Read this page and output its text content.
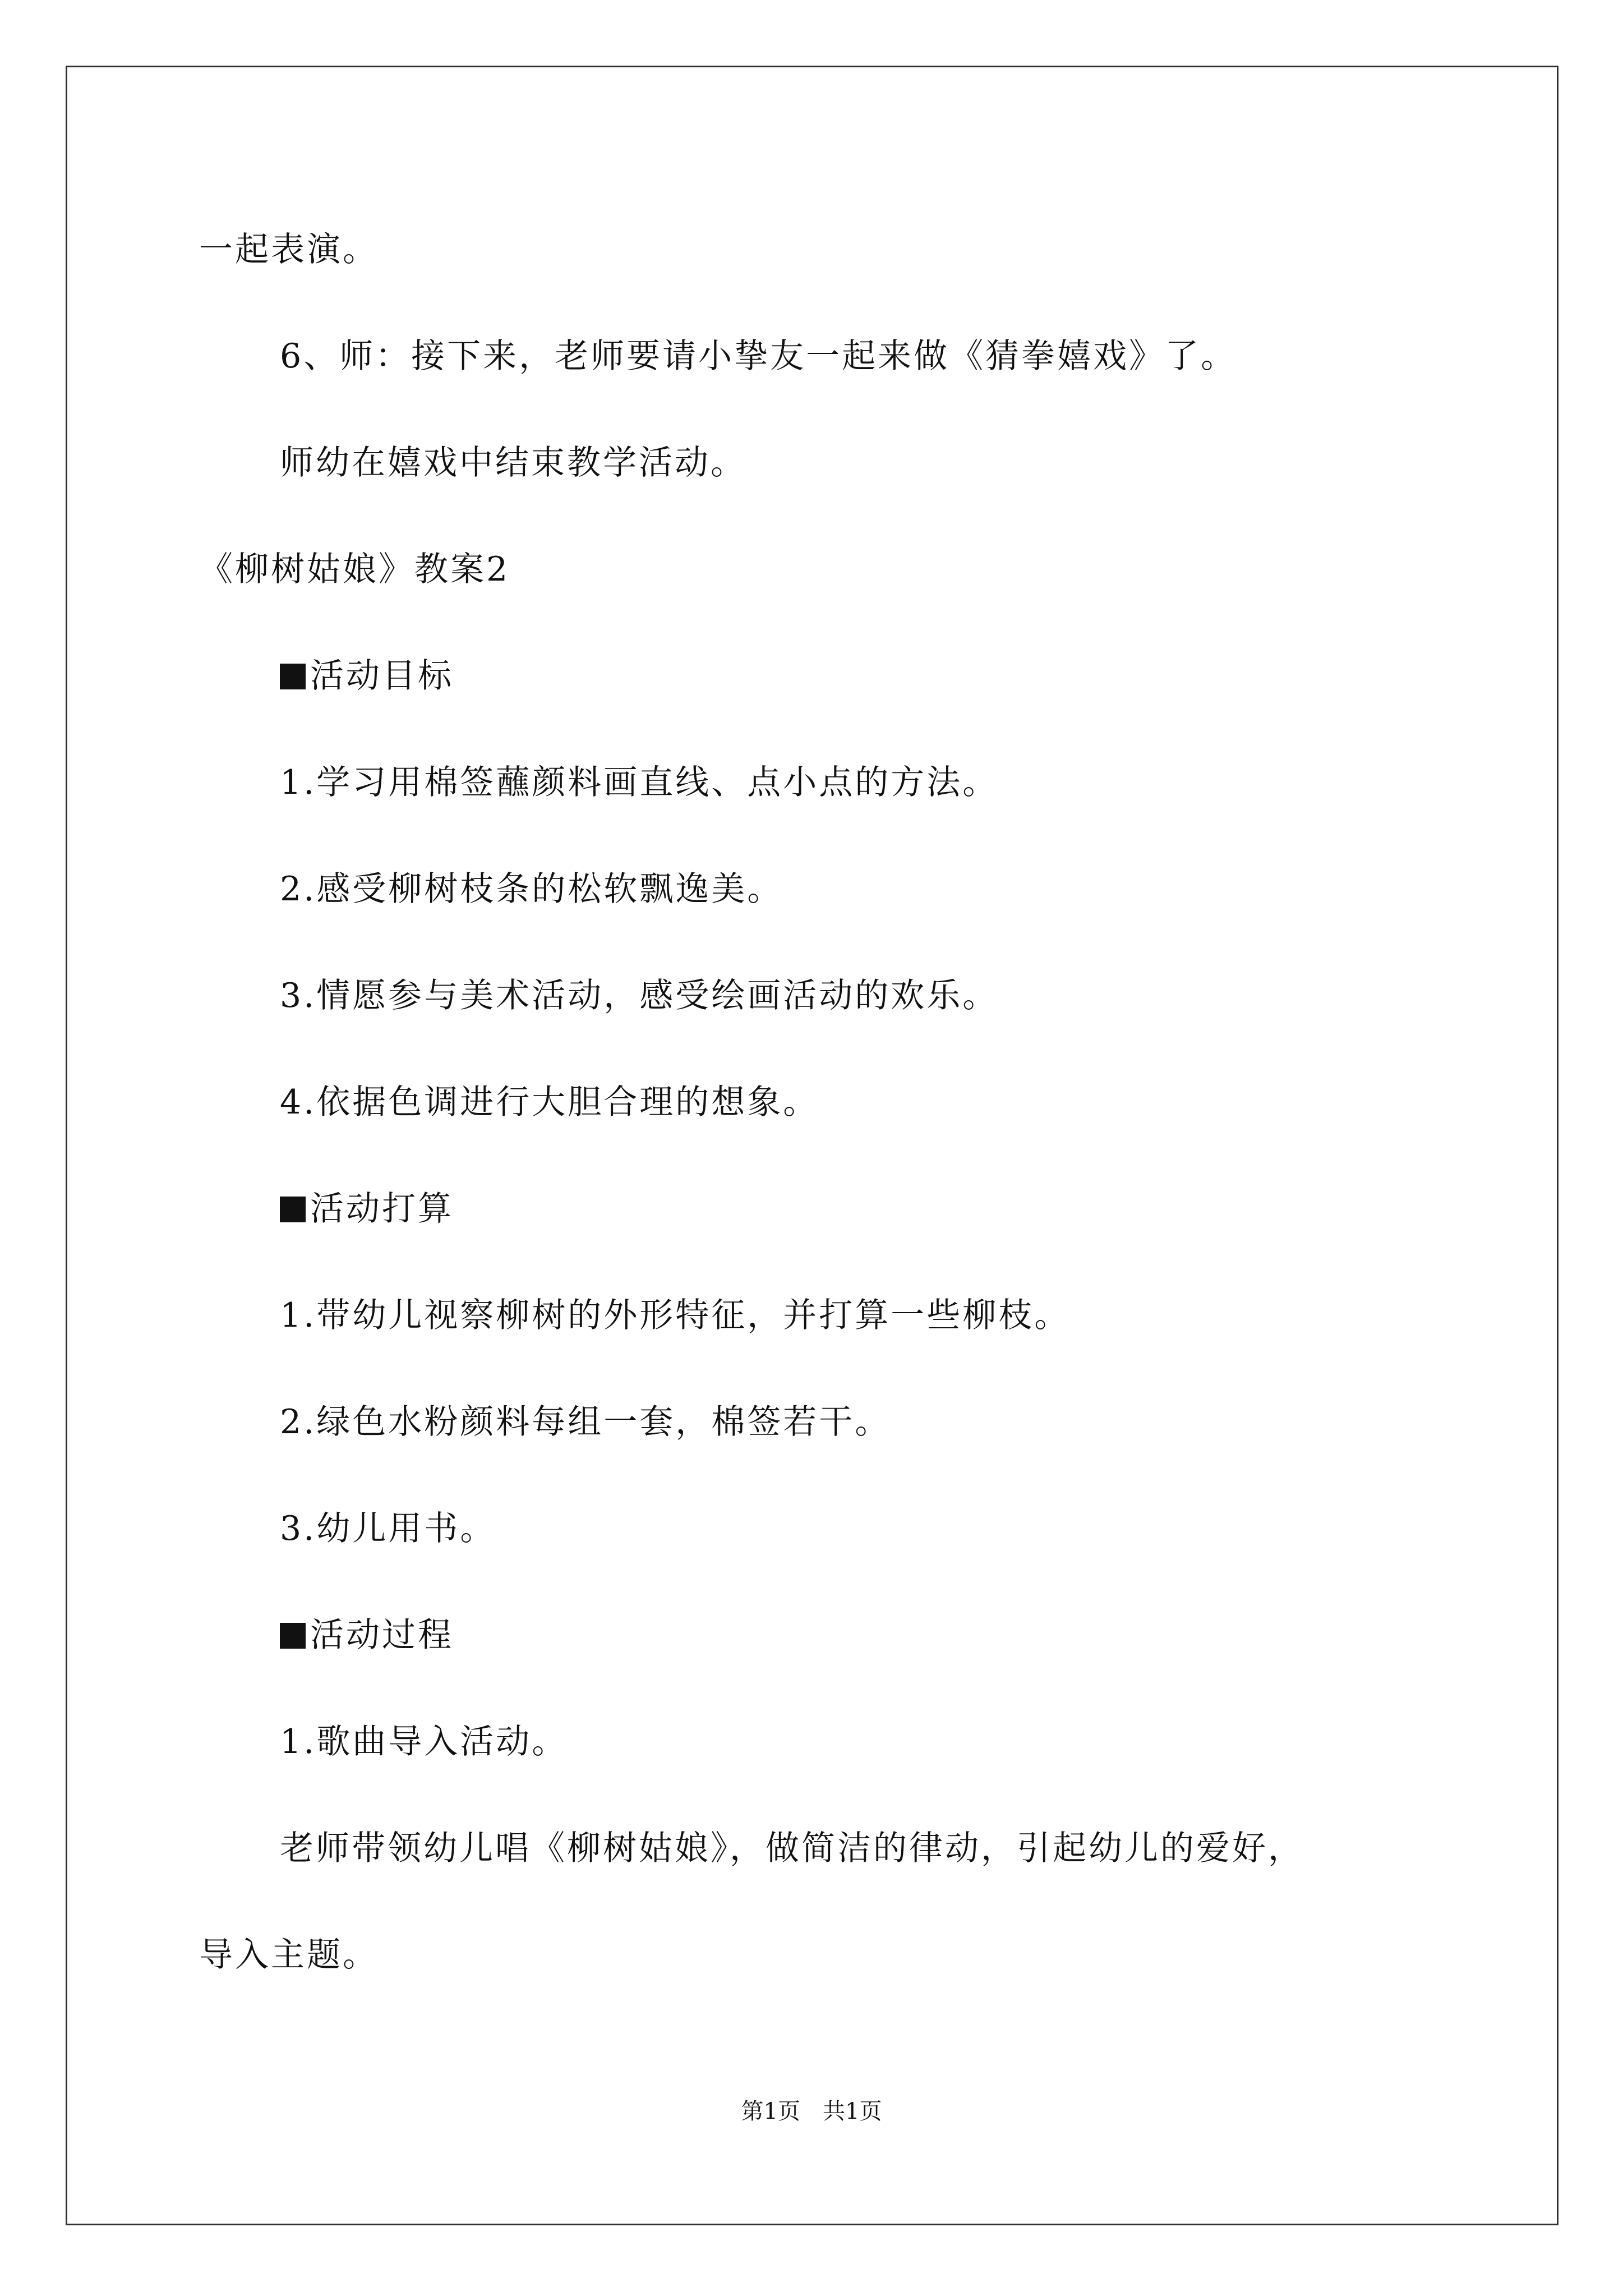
一起表演。
6、师：接下来，老师要请小挚友一起来做《猜拳嬉戏》了。
师幼在嬉戏中结束教学活动。
《柳树姑娘》教案2
活动目标
1.学习用棉签蘸颜料画直线、点小点的方法。
2.感受柳树枝条的松软飘逸美。
3.情愿参与美术活动，感受绘画活动的欢乐。
4.依据色调进行大胆合理的想象。
活动打算
1.带幼儿视察柳树的外形特征，并打算一些柳枝。
2.绿色水粉颜料每组一套，棉签若干。
3.幼儿用书。
活动过程
1.歌曲导入活动。
老师带领幼儿唱《柳树姑娘》，做简洁的律动，引起幼儿的爱好，
导入主题。
第1页　共1页
